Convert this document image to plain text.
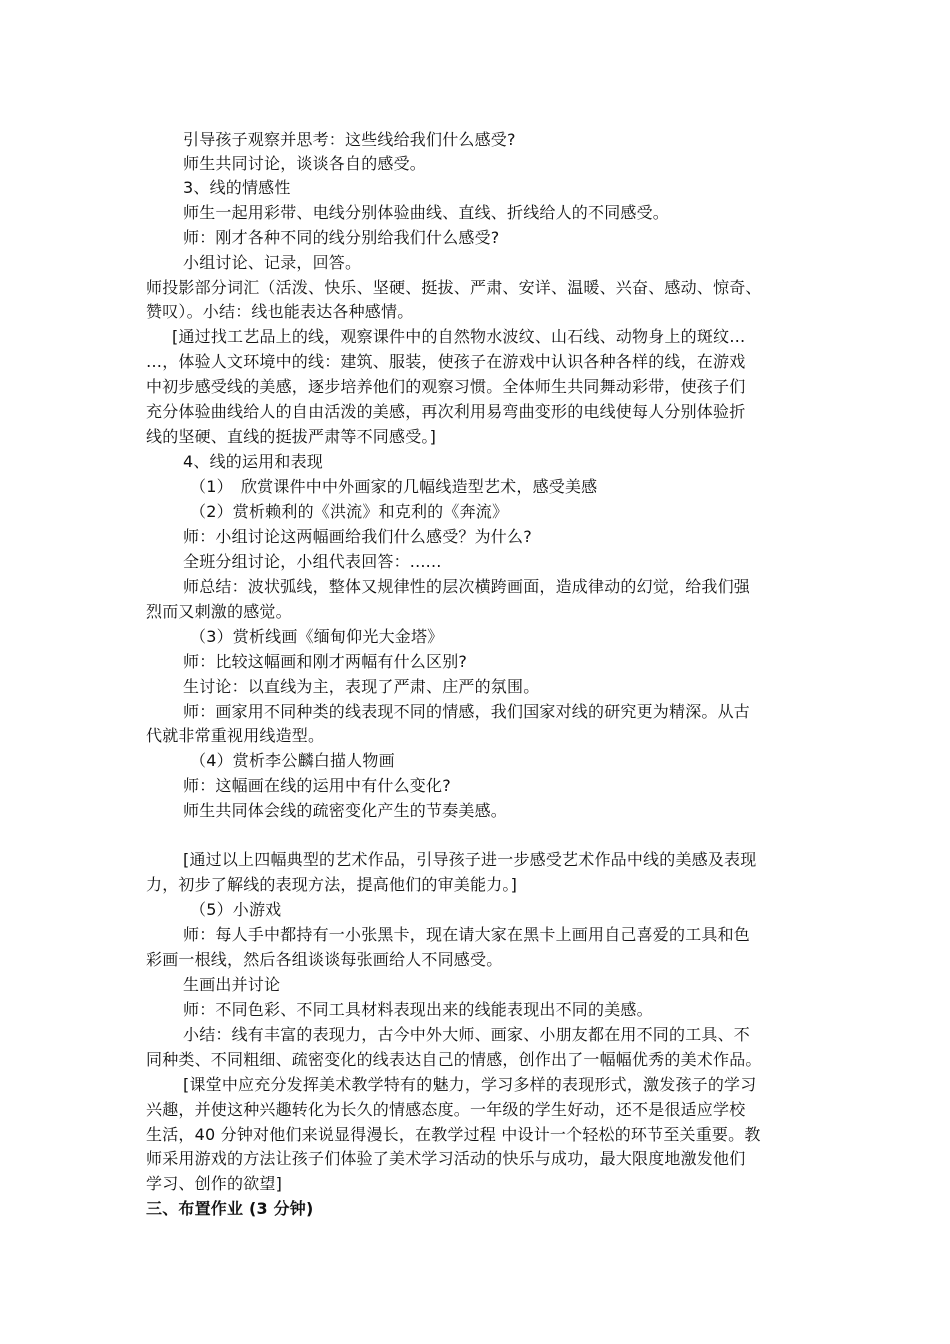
引导孩子观察并思考：这些线给我们什么感受?
师生共同讨论，谈谈各自的感受。
3、线的情感性
师生一起用彩带、电线分别体验曲线、直线、折线给人的不同感受。
师：刚才各种不同的线分别给我们什么感受?
小组讨论、记录，回答。
师投影部分词汇（活泼、快乐、坚硬、挺拔、严肃、安详、温暖、兴奋、感动、惊奇、
赞叹）。小结：线也能表达各种感情。
[通过找工艺品上的线，观察课件中的自然物水波纹、山石线、动物身上的斑纹…
…，体验人文环境中的线：建筑、服装，使孩子在游戏中认识各种各样的线，在游戏
中初步感受线的美感，逐步培养他们的观察习惯。全体师生共同舞动彩带，使孩子们
充分体验曲线给人的自由活泼的美感，再次利用易弯曲变形的电线使每人分别体验折
线的坚硬、直线的挺拔严肃等不同感受。]
4、线的运用和表现
（1）　欣赏课件中中外画家的几幅线造型艺术，感受美感
（2）赏析赖利的《洪流》和克利的《奔流》
师：小组讨论这两幅画给我们什么感受？为什么?
全班分组讨论，小组代表回答：......
师总结：波状弧线，整体又规律性的层次横跨画面，造成律动的幻觉，给我们强
烈而又刺激的感觉。
（3）赏析线画《缅甸仰光大金塔》
师：比较这幅画和刚才两幅有什么区别?
生讨论：以直线为主，表现了严肃、庄严的氛围。
师：画家用不同种类的线表现不同的情感，我们国家对线的研究更为精深。从古
代就非常重视用线造型。
（4）赏析李公麟白描人物画
师：这幅画在线的运用中有什么变化?
师生共同体会线的疏密变化产生的节奏美感。
[通过以上四幅典型的艺术作品，引导孩子进一步感受艺术作品中线的美感及表现
力，初步了解线的表现方法，提高他们的审美能力。]
（5）小游戏
师：每人手中都持有一小张黑卡，现在请大家在黑卡上画用自己喜爱的工具和色
彩画一根线，然后各组谈谈每张画给人不同感受。
生画出并讨论
师：不同色彩、不同工具材料表现出来的线能表现出不同的美感。
小结：线有丰富的表现力，古今中外大师、画家、小朋友都在用不同的工具、不
同种类、不同粗细、疏密变化的线表达自己的情感，创作出了一幅幅优秀的美术作品。
[课堂中应充分发挥美术教学特有的魅力，学习多样的表现形式，激发孩子的学习
兴趣，并使这种兴趣转化为长久的情感态度。一年级的学生好动，还不是很适应学校
生活，40 分钟对他们来说显得漫长，在教学过程 中设计一个轻松的环节至关重要。教
师采用游戏的方法让孩子们体验了美术学习活动的快乐与成功，最大限度地激发他们
学习、创作的欲望]
三、布置作业 (3 分钟)
